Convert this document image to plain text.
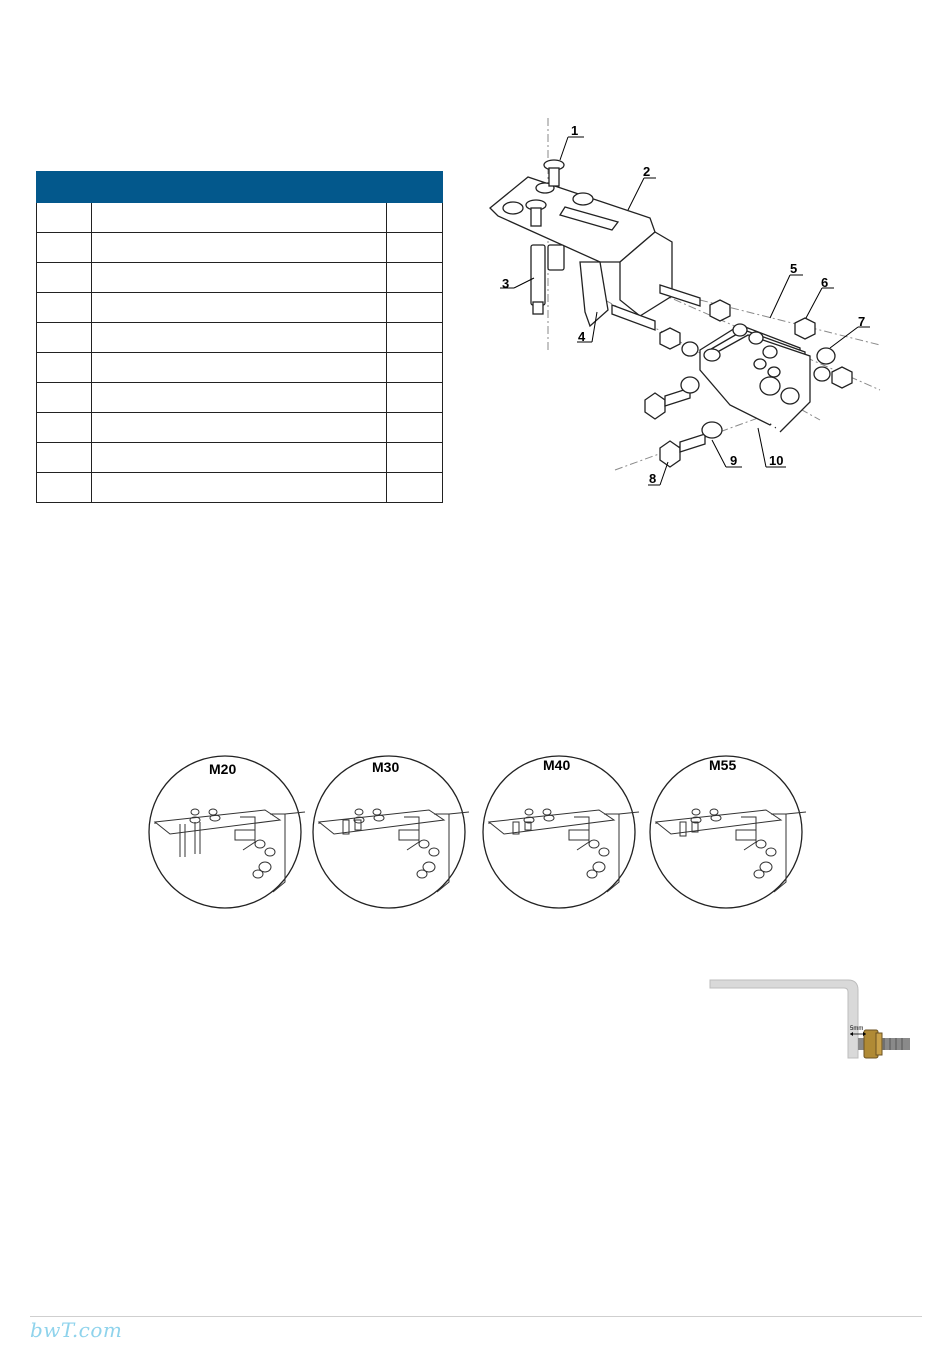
1
2
3
4
5
6
7
8
9 10
M20	M30	M40	M55
5mm
bwT.com
